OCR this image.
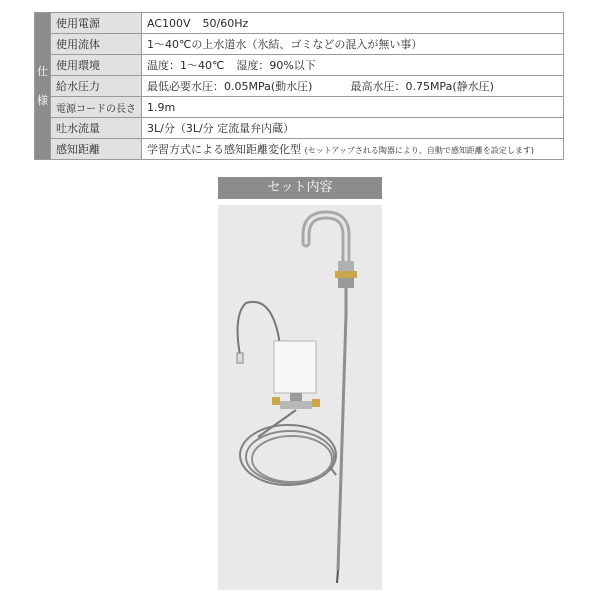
仕
様	使用電源	AC100V 50/60Hz
	使用流体	1～40℃の上水道水（氷結、ゴミなどの混入が無い事）
	使用環境	温度：1～40℃ 湿度：90%以下
	給水圧力	最低必要水圧：0.05MPa(動水圧) 最高水圧：0.75MPa(静水圧)
	電源コードの長さ	1.9m
	吐水流量	3L/分（3L/分 定流量弁内蔵）
	感知距離	学習方式による感知距離変化型 (セットアップされる陶器により、自動で感知距離を設定します)
セット内容
